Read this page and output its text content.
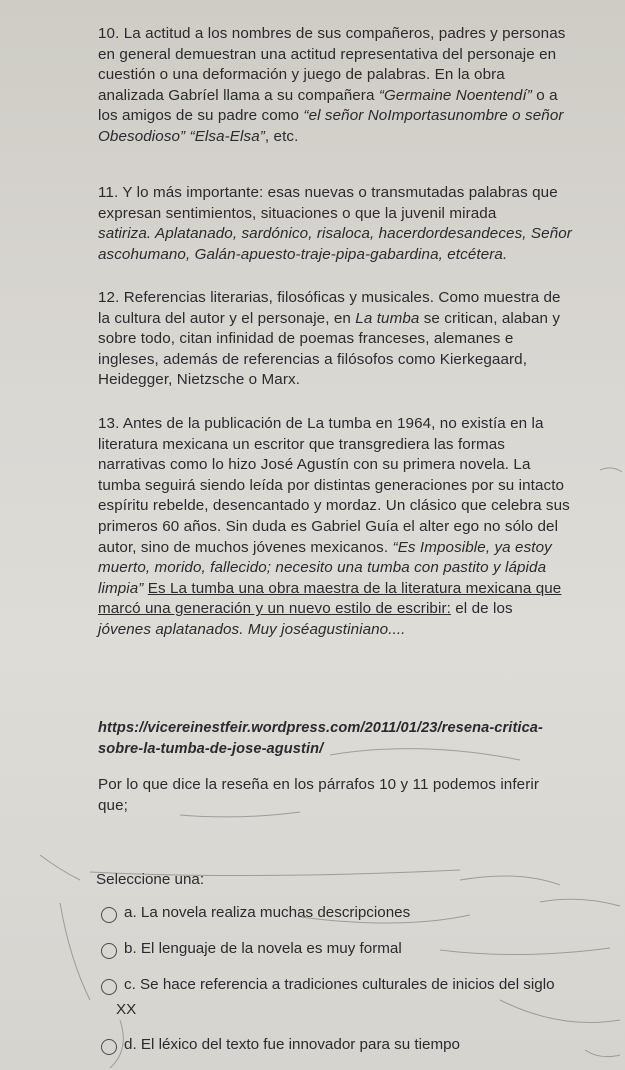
10. La actitud a los nombres de sus compañeros, padres y personas
en general demuestran una actitud representativa del personaje en
cuestión o una deformación y juego de palabras. En la obra
analizada Gabríel llama a su compañera “Germaine Noentendí” o a
los amigos de su padre como “el señor NoImportasunombre o señor
Obesodioso” “Elsa-Elsa”, etc.
11. Y lo más importante: esas nuevas o transmutadas palabras que
expresan sentimientos, situaciones o que la juvenil mirada
satiriza. Aplatanado, sardónico, risaloca, hacerdordesandeces, Señor
ascohumano, Galán-apuesto-traje-pipa-gabardina, etcétera.
12. Referencias literarias, filosóficas y musicales. Como muestra de
la cultura del autor y el personaje, en La tumba se critican, alaban y
sobre todo, citan infinidad de poemas franceses, alemanes e
ingleses, además de referencias a filósofos como Kierkegaard,
Heidegger, Nietzsche o Marx.
13. Antes de la publicación de La tumba en 1964, no existía en la
literatura mexicana un escritor que transgrediera las formas
narrativas como lo hizo José Agustín con su primera novela. La
tumba seguirá siendo leída por distintas generaciones por su intacto
espíritu rebelde, desencantado y mordaz. Un clásico que celebra sus
primeros 60 años. Sin duda es Gabriel Guía el alter ego no sólo del
autor, sino de muchos jóvenes mexicanos. “Es Imposible, ya estoy
muerto, morido, fallecido; necesito una tumba con pastito y lápida
limpia” Es La tumba una obra maestra de la literatura mexicana que
marcó una generación y un nuevo estilo de escribir: el de los
jóvenes aplatanados. Muy joséagustiniano....
https://vicereinestfeir.wordpress.com/2011/01/23/resena-critica-
sobre-la-tumba-de-jose-agustin/
Por lo que dice la reseña en los párrafos 10 y 11 podemos inferir
que;
Seleccione una:
a. La novela realiza muchas descripciones
b. El lenguaje de la novela es muy formal
c. Se hace referencia a tradiciones culturales de inicios del siglo
XX
d. El léxico del texto fue innovador para su tiempo
